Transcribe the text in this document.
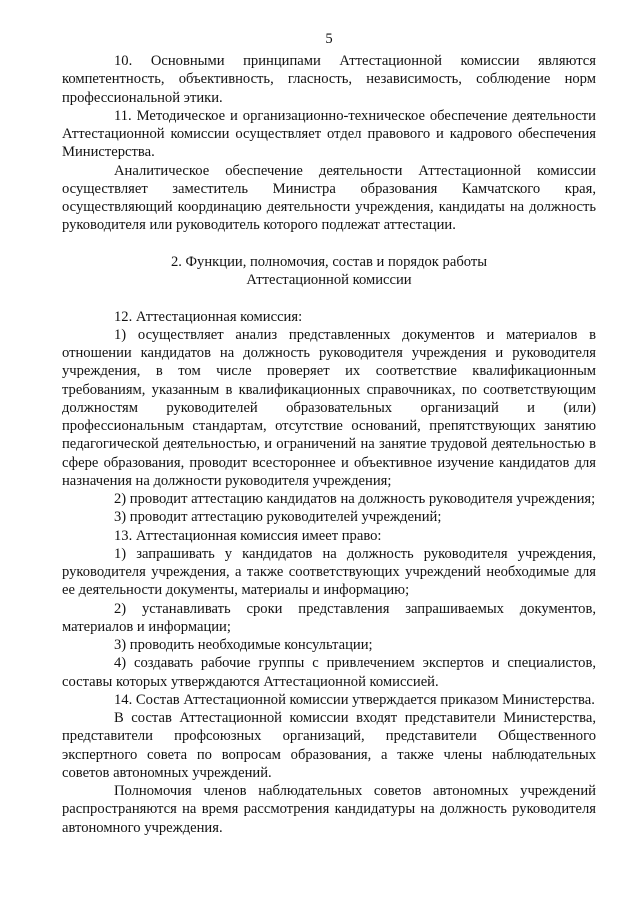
5

10. Основными принципами Аттестационной комиссии являются компетентность, объективность, гласность, независимость, соблюдение норм профессиональной этики.

11. Методическое и организационно-техническое обеспечение деятельности Аттестационной комиссии осуществляет отдел правового и кадрового обеспечения Министерства.

Аналитическое обеспечение деятельности Аттестационной комиссии осуществляет заместитель Министра образования Камчатского края, осуществляющий координацию деятельности учреждения, кандидаты на должность руководителя или руководитель которого подлежат аттестации.

2. Функции, полномочия, состав и порядок работы

Аттестационной комиссии

12. Аттестационная комиссия:

1) осуществляет анализ представленных документов и материалов в отношении кандидатов на должность руководителя учреждения и руководителя учреждения, в том числе проверяет их соответствие квалификационным требованиям, указанным в квалификационных справочниках, по соответствующим должностям руководителей образовательных организаций и (или) профессиональным стандартам, отсутствие оснований, препятствующих занятию педагогической деятельностью, и ограничений на занятие трудовой деятельностью в сфере образования, проводит всестороннее и объективное изучение кандидатов для назначения на должности руководителя учреждения;

2) проводит аттестацию кандидатов на должность руководителя учреждения;

3) проводит аттестацию руководителей учреждений;

13. Аттестационная комиссия имеет право:

1) запрашивать у кандидатов на должность руководителя учреждения, руководителя учреждения, а также соответствующих учреждений необходимые для ее деятельности документы, материалы и информацию;

2) устанавливать сроки представления запрашиваемых документов, материалов и информации;

3) проводить необходимые консультации;

4) создавать рабочие группы с привлечением экспертов и специалистов, составы которых утверждаются Аттестационной комиссией.

14. Состав Аттестационной комиссии утверждается приказом Министерства.

В состав Аттестационной комиссии входят представители Министерства, представители профсоюзных организаций, представители Общественного экспертного совета по вопросам образования, а также члены наблюдательных советов автономных учреждений.

Полномочия членов наблюдательных советов автономных учреждений распространяются на время рассмотрения кандидатуры на должность руководителя автономного учреждения.
